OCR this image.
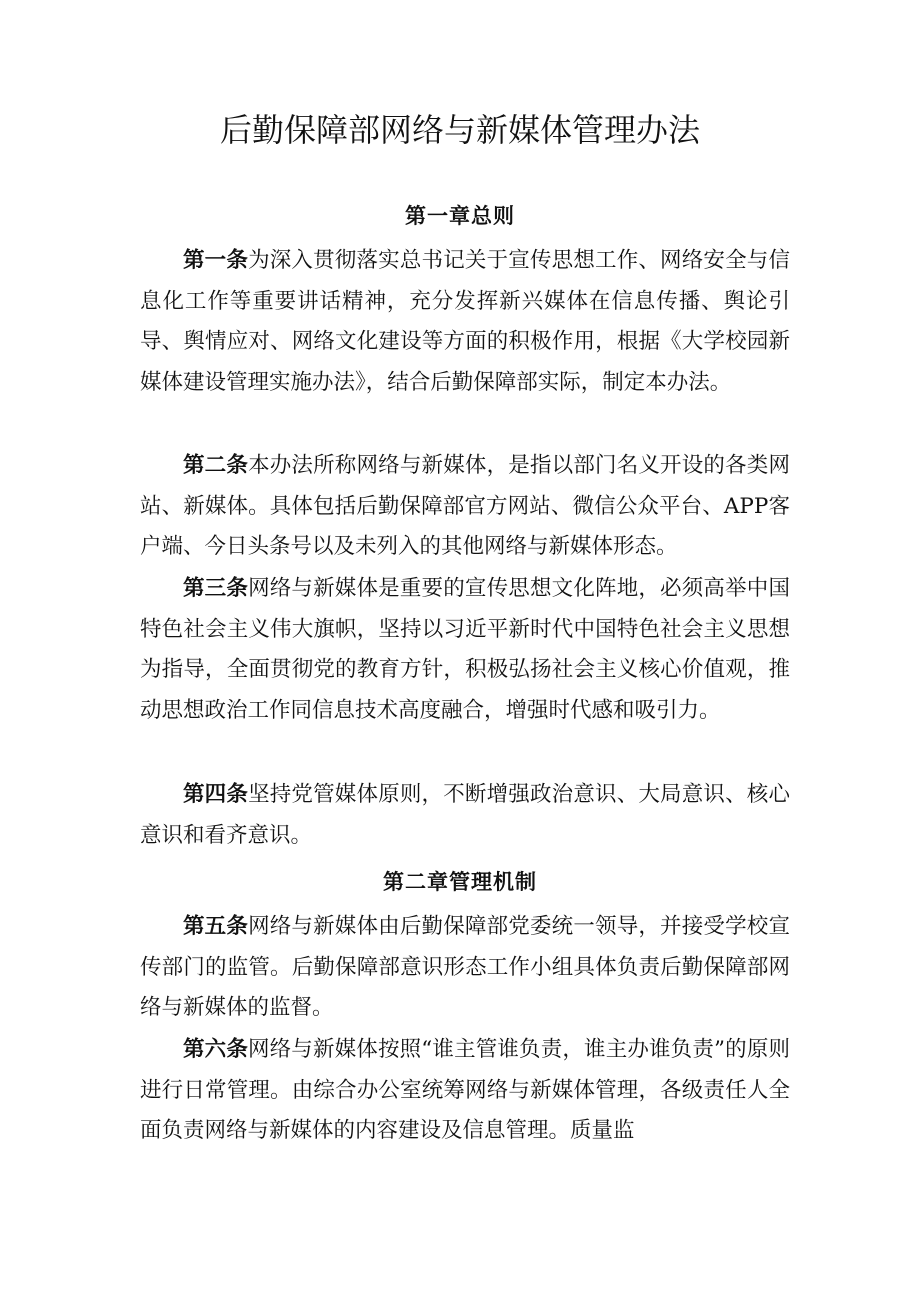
后勤保障部网络与新媒体管理办法
第一章总则

第一条为深入贯彻落实总书记关于宣传思想工作、网络安全与信息化工作等重要讲话精神，充分发挥新兴媒体在信息传播、舆论引导、舆情应对、网络文化建设等方面的积极作用，根据《大学校园新媒体建设管理实施办法》，结合后勤保障部实际，制定本办法。

第二条本办法所称网络与新媒体，是指以部门名义开设的各类网站、新媒体。具体包括后勤保障部官方网站、微信公众平台、APP客户端、今日头条号以及未列入的其他网络与新媒体形态。

第三条网络与新媒体是重要的宣传思想文化阵地，必须高举中国特色社会主义伟大旗帜，坚持以习近平新时代中国特色社会主义思想为指导，全面贯彻党的教育方针，积极弘扬社会主义核心价值观，推动思想政治工作同信息技术高度融合，增强时代感和吸引力。

第四条坚持党管媒体原则，不断增强政治意识、大局意识、核心意识和看齐意识。

第二章管理机制

第五条网络与新媒体由后勤保障部党委统一领导，并接受学校宣传部门的监管。后勤保障部意识形态工作小组具体负责后勤保障部网络与新媒体的监督。

第六条网络与新媒体按照“谁主管谁负责，谁主办谁负责”的原则进行日常管理。由综合办公室统筹网络与新媒体管理，各级责任人全面负责网络与新媒体的内容建设及信息管理。质量监
